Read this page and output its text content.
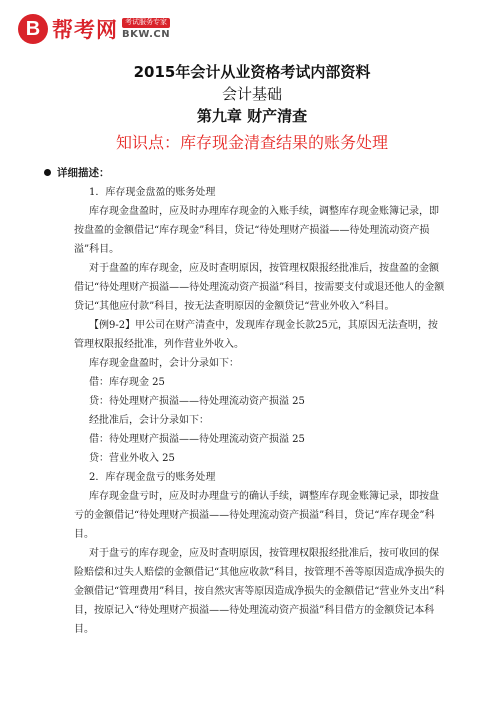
B 帮考网	考试服务专家
BKW.CN
2015年会计从业资格考试内部资料
会计基础
第九章 财产清查
知识点：库存现金清查结果的账务处理
详细描述：

1．库存现金盘盈的账务处理

库存现金盘盈时，应及时办理库存现金的入账手续，调整库存现金账簿记录，即按盘盈的金额借记“库存现金”科目，贷记“待处理财产损溢——待处理流动资产损溢”科目。

对于盘盈的库存现金，应及时查明原因，按管理权限报经批准后，按盘盈的金额借记“待处理财产损溢——待处理流动资产损溢”科目，按需要支付或退还他人的金额贷记“其他应付款”科目，按无法查明原因的金额贷记“营业外收入”科目。

【例9-2】甲公司在财产清查中，发现库存现金长款25元，其原因无法查明，按管理权限报经批准，列作营业外收入。

库存现金盘盈时，会计分录如下：

借：库存现金 25

贷：待处理财产损溢——待处理流动资产损溢 25

经批准后，会计分录如下：

借：待处理财产损溢——待处理流动资产损溢 25

贷：营业外收入 25

2．库存现金盘亏的账务处理

库存现金盘亏时，应及时办理盘亏的确认手续，调整库存现金账簿记录，即按盘亏的金额借记“待处理财产损溢——待处理流动资产损溢”科目，贷记“库存现金”科目。

对于盘亏的库存现金，应及时查明原因，按管理权限报经批准后，按可收回的保险赔偿和过失人赔偿的金额借记“其他应收款”科目，按管理不善等原因造成净损失的金额借记“管理费用”科目，按自然灾害等原因造成净损失的金额借记“营业外支出”科目，按原记入“待处理财产损溢——待处理流动资产损溢”科目借方的金额贷记本科目。
